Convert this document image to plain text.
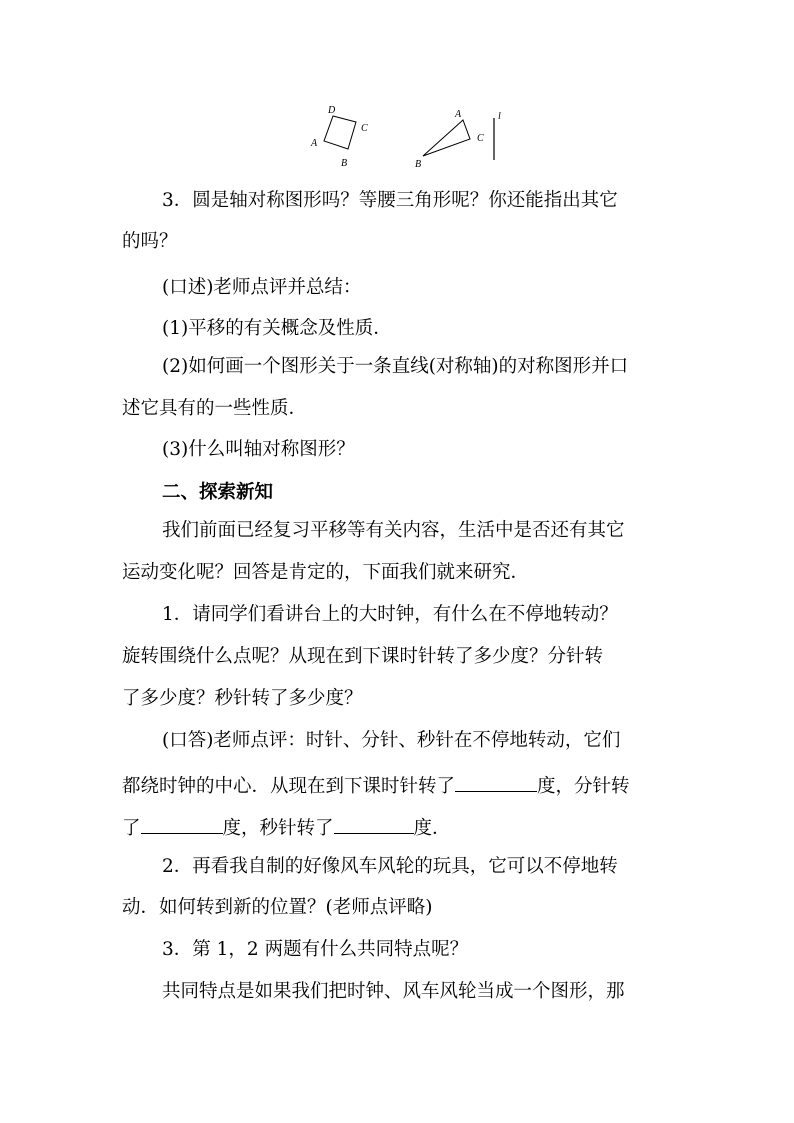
D
A
B
C
A
B
C
l
3．圆是轴对称图形吗？等腰三角形呢？你还能指出其它
的吗？
(口述)老师点评并总结：
(1)平移的有关概念及性质．
(2)如何画一个图形关于一条直线(对称轴)的对称图形并口
述它具有的一些性质．
(3)什么叫轴对称图形？
二、探索新知
我们前面已经复习平移等有关内容，生活中是否还有其它
运动变化呢？回答是肯定的，下面我们就来研究．
1．请同学们看讲台上的大时钟，有什么在不停地转动？
旋转围绕什么点呢？从现在到下课时针转了多少度？分针转
了多少度？秒针转了多少度？
(口答)老师点评：时针、分针、秒针在不停地转动，它们
都绕时钟的中心．从现在到下课时针转了	度，分针转
了	度，秒针转了	度．
2．再看我自制的好像风车风轮的玩具，它可以不停地转
动．如何转到新的位置？(老师点评略)
3．第 1，2 两题有什么共同特点呢？
共同特点是如果我们把时钟、风车风轮当成一个图形，那
